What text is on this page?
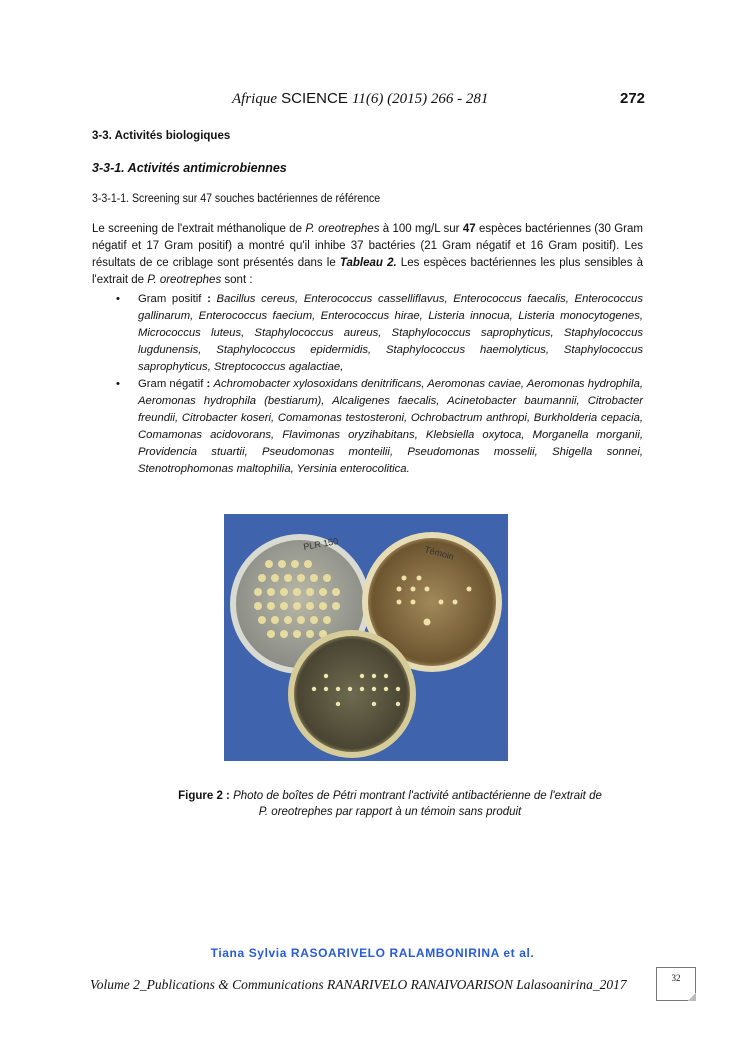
Afrique SCIENCE 11(6) (2015) 266 - 281	272
3-3. Activités biologiques
3-3-1. Activités antimicrobiennes
3-3-1-1. Screening sur 47 souches bactériennes de référence
Le screening de l'extrait méthanolique de P. oreotrephes à 100 mg/L sur 47 espèces bactériennes (30 Gram négatif et 17 Gram positif) a montré qu'il inhibe 37 bactéries (21 Gram négatif et 16 Gram positif). Les résultats de ce criblage sont présentés dans le Tableau 2. Les espèces bactériennes les plus sensibles à l'extrait de P. oreotrephes sont :
• Gram positif : Bacillus cereus, Enterococcus casselliflavus, Enterococcus faecalis, Enterococcus gallinarum, Enterococcus faecium, Enterococcus hirae, Listeria innocua, Listeria monocytogenes, Micrococcus luteus, Staphylococcus aureus, Staphylococcus saprophyticus, Staphylococcus lugdunensis, Staphylococcus epidermidis, Staphylococcus haemolyticus, Staphylococcus saprophyticus, Streptococcus agalactiae,
• Gram négatif : Achromobacter xylosoxidans denitrificans, Aeromonas caviae, Aeromonas hydrophila, Aeromonas hydrophila (bestiarum), Alcaligenes faecalis, Acinetobacter baumannii, Citrobacter freundii, Citrobacter koseri, Comamonas testosteroni, Ochrobactrum anthropi, Burkholderia cepacia, Comamonas acidovorans, Flavimonas oryzihabitans, Klebsiella oxytoca, Morganella morganii, Providencia stuartii, Pseudomonas monteilii, Pseudomonas mosselii, Shigella sonnei, Stenotrophomonas maltophilia, Yersinia enterocolitica.
PLR 150
Témoin
Figure 2 : Photo de boîtes de Pétri montrant l'activité antibactérienne de l'extrait de
P. oreotrephes par rapport à un témoin sans produit
Tiana Sylvia RASOARIVELO RALAMBONIRINA et al.
Volume 2_Publications & Communications RANARIVELO RANAIVOARISON Lalasoanirina_2017	32
